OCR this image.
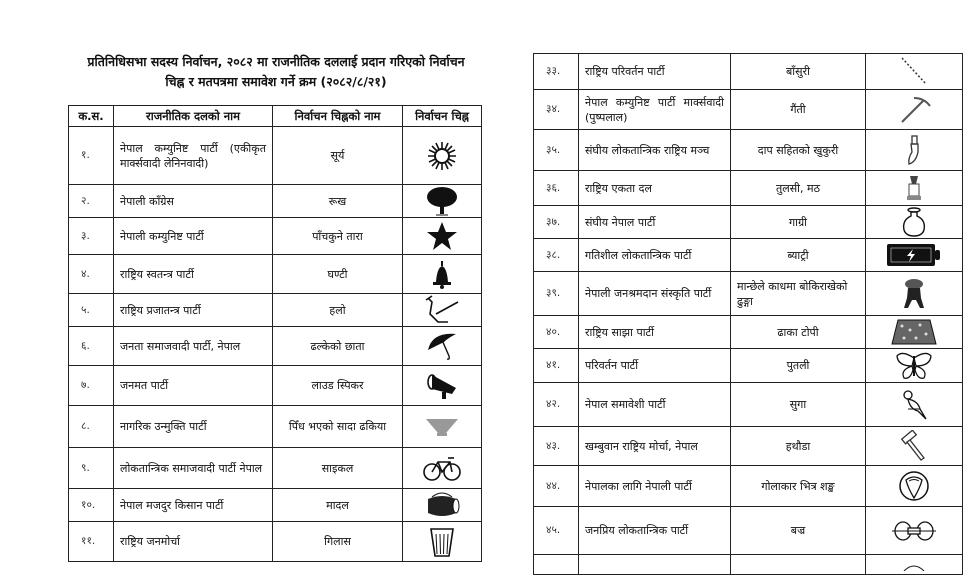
प्रतिनिधिसभा सदस्य निर्वाचन, २०८२ मा राजनीतिक दललाई प्रदान गरिएको निर्वाचन
चिह्न र मतपत्रमा समावेश गर्ने क्रम (२०८२/८/२१)
क.स.	राजनीतिक दलको नाम	निर्वाचन चिह्नको नाम	निर्वाचन चिह्न
१.	नेपाल कम्युनिष्ट पार्टी (एकीकृत मार्क्सवादी लेनिनवादी)	सूर्य	
२.	नेपाली काँग्रेस	रूख	
३.	नेपाली कम्युनिष्ट पार्टी	पाँचकुने तारा	
४.	राष्ट्रिय स्वतन्त्र पार्टी	घण्टी	
५.	राष्ट्रिय प्रजातन्त्र पार्टी	हलो	
६.	जनता समाजवादी पार्टी, नेपाल	ढल्केको छाता	
७.	जनमत पार्टी	लाउड स्पिकर	
८.	नागरिक उन्मुक्ति पार्टी	पिँध भएको सादा ढकिया	
९.	लोकतान्त्रिक समाजवादी पार्टी नेपाल	साइकल	
१०.	नेपाल मजदुर किसान पार्टी	मादल	
११.	राष्ट्रिय जनमोर्चा	गिलास	
३३.	राष्ट्रिय परिवर्तन पार्टी	बाँसुरी	
३४.	नेपाल कम्युनिष्ट पार्टी मार्क्सवादी (पुष्पलाल)	गैंती	
३५.	संघीय लोकतान्त्रिक राष्ट्रिय मञ्च	दाप सहितको खुकुरी	
३६.	राष्ट्रिय एकता दल	तुलसी, मठ	
३७.	संघीय नेपाल पार्टी	गाग्री	
३८.	गतिशील लोकतान्त्रिक पार्टी	ब्याट्री	
३९.	नेपाली जनश्रमदान संस्कृति पार्टी	मान्छेले काधमा बोकिराखेको ढुङ्गा	
४०.	राष्ट्रिय साझा पार्टी	ढाका टोपी	
४१.	परिवर्तन पार्टी	पुतली	
४२.	नेपाल समावेशी पार्टी	सुगा	
४३.	खम्बुवान राष्ट्रिय मोर्चा, नेपाल	हथौडा	
४४.	नेपालका लागि नेपाली पार्टी	गोलाकार भित्र शङ्ख	
४५.	जनप्रिय लोकतान्त्रिक पार्टी	बज्र	
